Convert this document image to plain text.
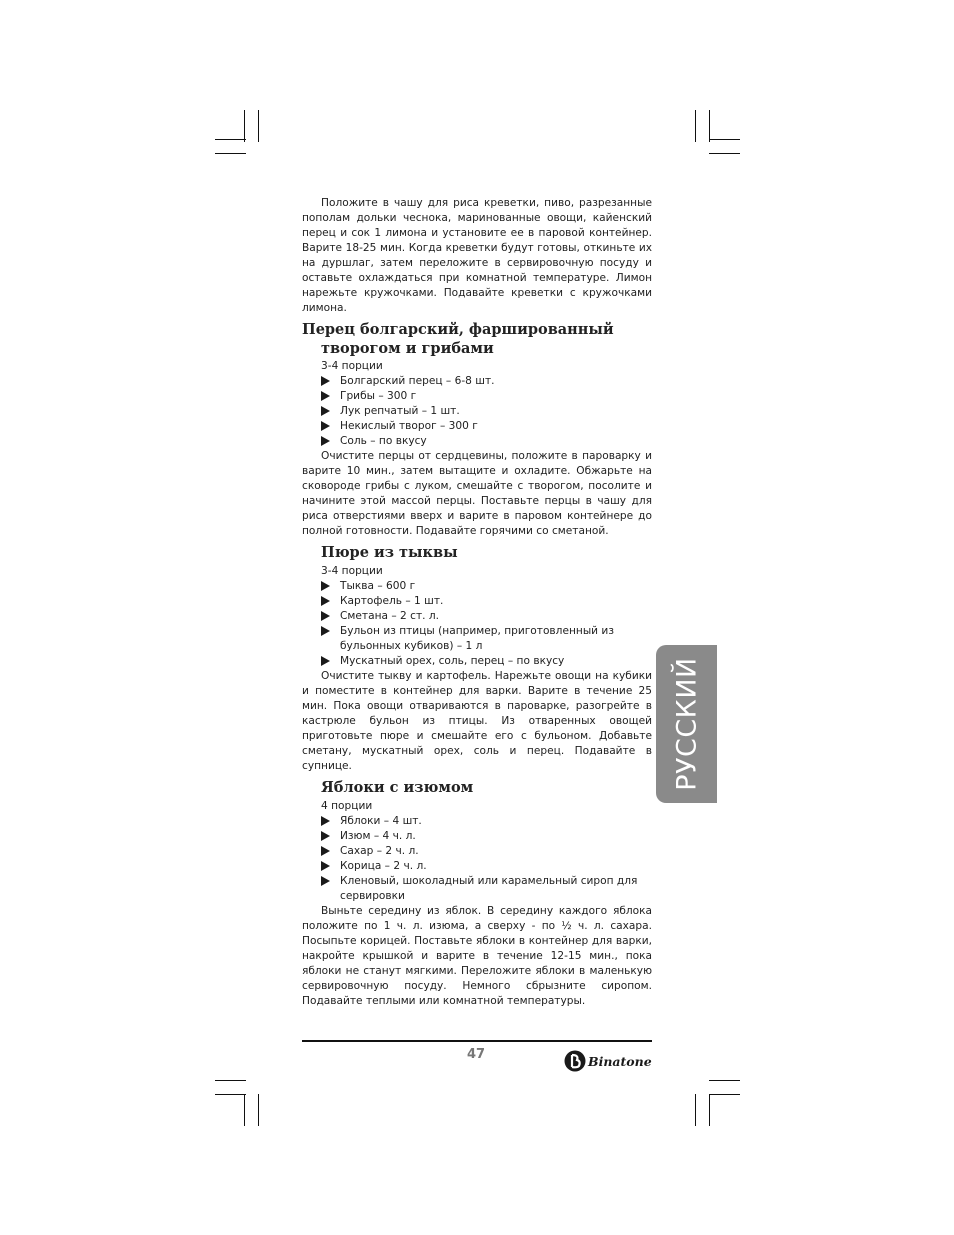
Положите в чашу для риса креветки, пиво, разрезанные пополам дольки чеснока, маринованные овощи, кайенский перец и сок 1 лимона и установите ее в паровой контейнер. Варите 18-25 мин. Когда креветки будут готовы, откиньте их на дуршлаг, затем переложите в сервировочную посуду и оставьте охлаждаться при комнатной температуре. Лимон нарежьте кружочками. Подавайте креветки с кружочками лимона.

Перец болгарский, фаршированный творогом и грибами

3-4 порции

Болгарский перец – 6-8 шт.
Грибы – 300 г
Лук репчатый – 1 шт.
Некислый творог – 300 г
Соль – по вкусу

Очистите перцы от сердцевины, положите в пароварку и варите 10 мин., затем вытащите и охладите. Обжарьте на сковороде грибы с луком, смешайте с творогом, посолите и начините этой массой перцы. Поставьте перцы в чашу для риса отверстиями вверх и варите в паровом контейнере до полной готовности. Подавайте горячими со сметаной.

Пюре из тыквы

3-4 порции

Тыква – 600 г
Картофель – 1 шт.
Сметана – 2 ст. л.
Бульон из птицы (например, приготовленный из бульонных кубиков) – 1 л
Мускатный орех, соль, перец – по вкусу

Очистите тыкву и картофель. Нарежьте овощи на кубики и поместите в контейнер для варки. Варите в течение 25 мин. Пока овощи отвариваются в пароварке, разогрейте в кастрюле бульон из птицы. Из отваренных овощей приготовьте пюре и смешайте его с бульоном. Добавьте сметану, мускатный орех, соль и перец. Подавайте в супнице.

Яблоки с изюмом

4 порции

Яблоки – 4 шт.
Изюм – 4 ч. л.
Сахар – 2 ч. л.
Корица – 2 ч. л.
Кленовый, шоколадный или карамельный сироп для сервировки

Выньте середину из яблок. В середину каждого яблока положите по 1 ч. л. изюма, а сверху - по ½ ч. л. сахара. Посыпьте корицей. Поставьте яблоки в контейнер для варки, накройте крышкой и варите в течение 12-15 мин., пока яблоки не станут мягкими. Переложите яблоки в маленькую сервировочную посуду. Немного сбрызните сиропом. Подавайте теплыми или комнатной температуры.

РУССКИЙ
47	Binatone
